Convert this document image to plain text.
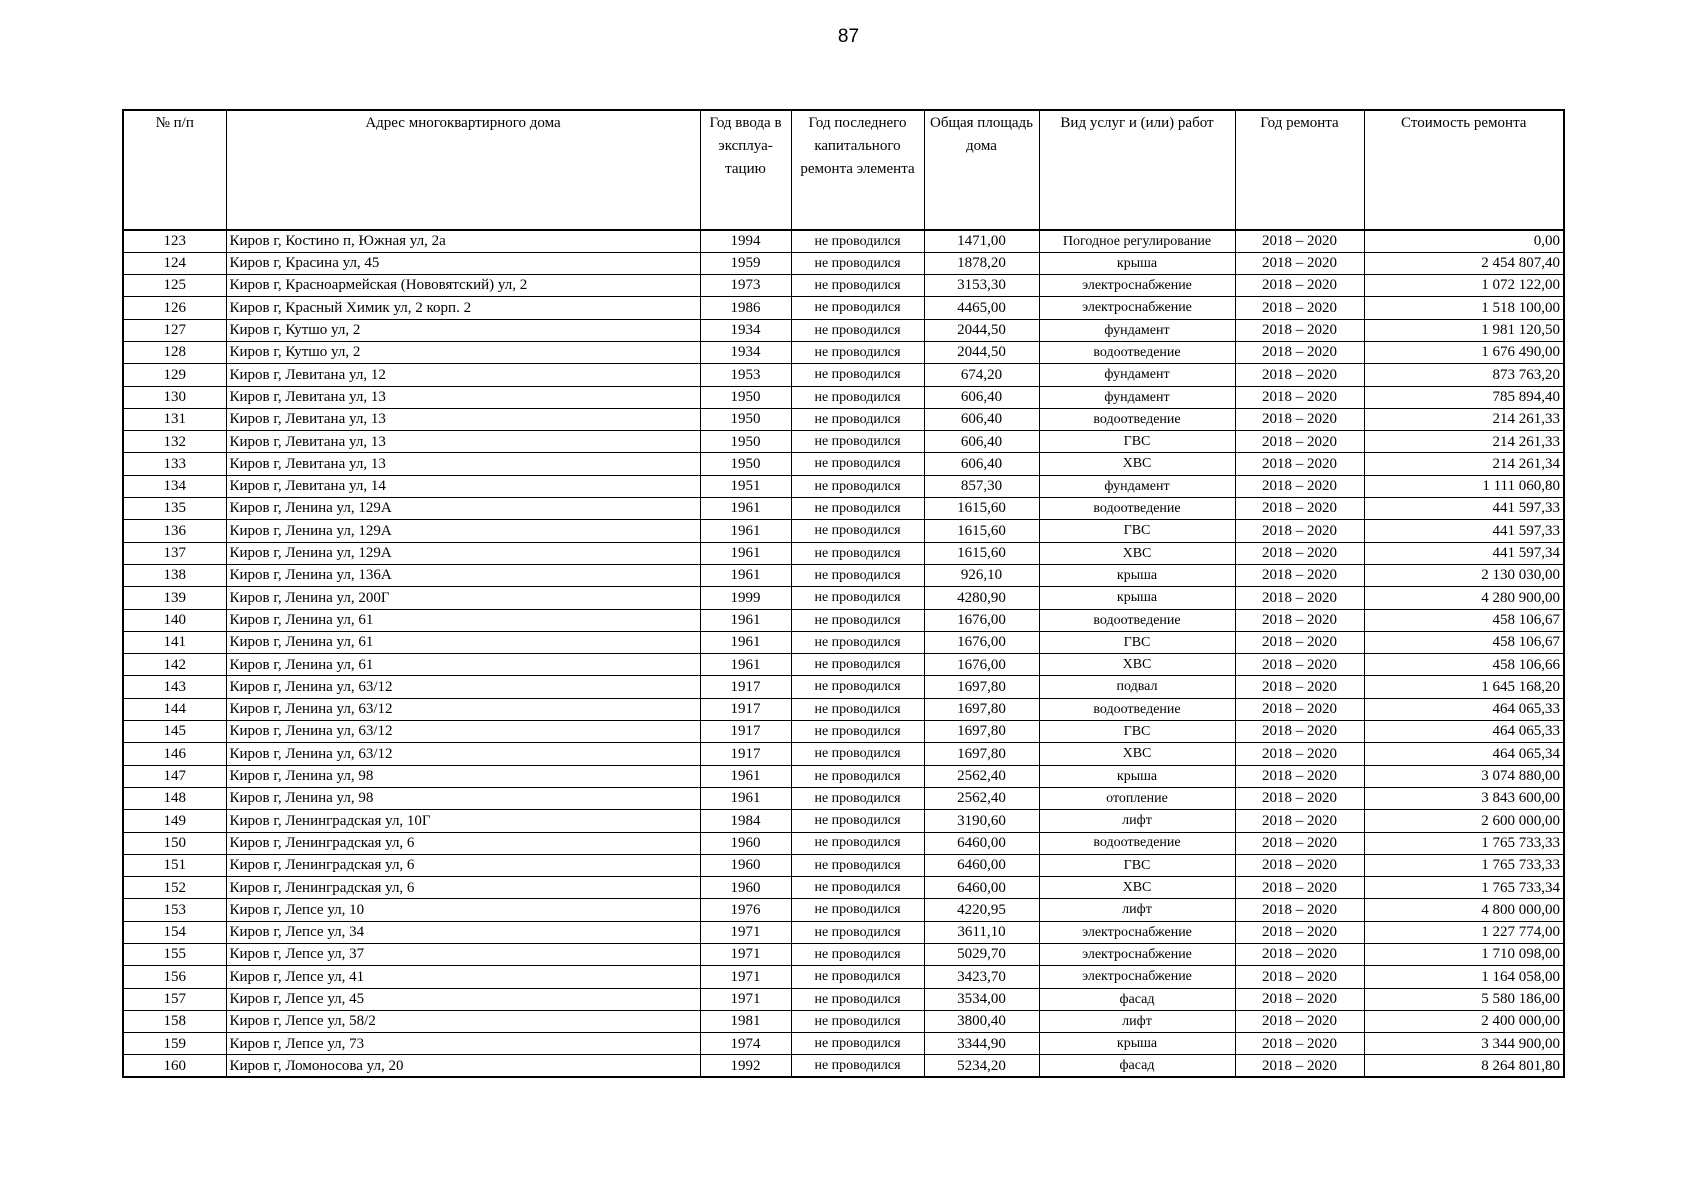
87
№ п/п	Адрес многоквартирного дома	Год ввода в эксплуа-тацию	Год последнего капитального ремонта элемента	Общая площадь дома	Вид услуг и (или) работ	Год ремонта	Стоимость ремонта
123	Киров г, Костино п, Южная ул, 2а	1994	не проводился	1471,00	Погодное регулирование	2018 – 2020	0,00
124	Киров г, Красина ул, 45	1959	не проводился	1878,20	крыша	2018 – 2020	2 454 807,40
125	Киров г, Красноармейская (Нововятский) ул, 2	1973	не проводился	3153,30	электроснабжение	2018 – 2020	1 072 122,00
126	Киров г, Красный Химик ул, 2 корп. 2	1986	не проводился	4465,00	электроснабжение	2018 – 2020	1 518 100,00
127	Киров г, Кутшо ул, 2	1934	не проводился	2044,50	фундамент	2018 – 2020	1 981 120,50
128	Киров г, Кутшо ул, 2	1934	не проводился	2044,50	водоотведение	2018 – 2020	1 676 490,00
129	Киров г, Левитана ул, 12	1953	не проводился	674,20	фундамент	2018 – 2020	873 763,20
130	Киров г, Левитана ул, 13	1950	не проводился	606,40	фундамент	2018 – 2020	785 894,40
131	Киров г, Левитана ул, 13	1950	не проводился	606,40	водоотведение	2018 – 2020	214 261,33
132	Киров г, Левитана ул, 13	1950	не проводился	606,40	ГВС	2018 – 2020	214 261,33
133	Киров г, Левитана ул, 13	1950	не проводился	606,40	ХВС	2018 – 2020	214 261,34
134	Киров г, Левитана ул, 14	1951	не проводился	857,30	фундамент	2018 – 2020	1 111 060,80
135	Киров г, Ленина ул, 129А	1961	не проводился	1615,60	водоотведение	2018 – 2020	441 597,33
136	Киров г, Ленина ул, 129А	1961	не проводился	1615,60	ГВС	2018 – 2020	441 597,33
137	Киров г, Ленина ул, 129А	1961	не проводился	1615,60	ХВС	2018 – 2020	441 597,34
138	Киров г, Ленина ул, 136А	1961	не проводился	926,10	крыша	2018 – 2020	2 130 030,00
139	Киров г, Ленина ул, 200Г	1999	не проводился	4280,90	крыша	2018 – 2020	4 280 900,00
140	Киров г, Ленина ул, 61	1961	не проводился	1676,00	водоотведение	2018 – 2020	458 106,67
141	Киров г, Ленина ул, 61	1961	не проводился	1676,00	ГВС	2018 – 2020	458 106,67
142	Киров г, Ленина ул, 61	1961	не проводился	1676,00	ХВС	2018 – 2020	458 106,66
143	Киров г, Ленина ул, 63/12	1917	не проводился	1697,80	подвал	2018 – 2020	1 645 168,20
144	Киров г, Ленина ул, 63/12	1917	не проводился	1697,80	водоотведение	2018 – 2020	464 065,33
145	Киров г, Ленина ул, 63/12	1917	не проводился	1697,80	ГВС	2018 – 2020	464 065,33
146	Киров г, Ленина ул, 63/12	1917	не проводился	1697,80	ХВС	2018 – 2020	464 065,34
147	Киров г, Ленина ул, 98	1961	не проводился	2562,40	крыша	2018 – 2020	3 074 880,00
148	Киров г, Ленина ул, 98	1961	не проводился	2562,40	отопление	2018 – 2020	3 843 600,00
149	Киров г, Ленинградская ул, 10Г	1984	не проводился	3190,60	лифт	2018 – 2020	2 600 000,00
150	Киров г, Ленинградская ул, 6	1960	не проводился	6460,00	водоотведение	2018 – 2020	1 765 733,33
151	Киров г, Ленинградская ул, 6	1960	не проводился	6460,00	ГВС	2018 – 2020	1 765 733,33
152	Киров г, Ленинградская ул, 6	1960	не проводился	6460,00	ХВС	2018 – 2020	1 765 733,34
153	Киров г, Лепсе ул, 10	1976	не проводился	4220,95	лифт	2018 – 2020	4 800 000,00
154	Киров г, Лепсе ул, 34	1971	не проводился	3611,10	электроснабжение	2018 – 2020	1 227 774,00
155	Киров г, Лепсе ул, 37	1971	не проводился	5029,70	электроснабжение	2018 – 2020	1 710 098,00
156	Киров г, Лепсе ул, 41	1971	не проводился	3423,70	электроснабжение	2018 – 2020	1 164 058,00
157	Киров г, Лепсе ул, 45	1971	не проводился	3534,00	фасад	2018 – 2020	5 580 186,00
158	Киров г, Лепсе ул, 58/2	1981	не проводился	3800,40	лифт	2018 – 2020	2 400 000,00
159	Киров г, Лепсе ул, 73	1974	не проводился	3344,90	крыша	2018 – 2020	3 344 900,00
160	Киров г, Ломоносова ул, 20	1992	не проводился	5234,20	фасад	2018 – 2020	8 264 801,80
